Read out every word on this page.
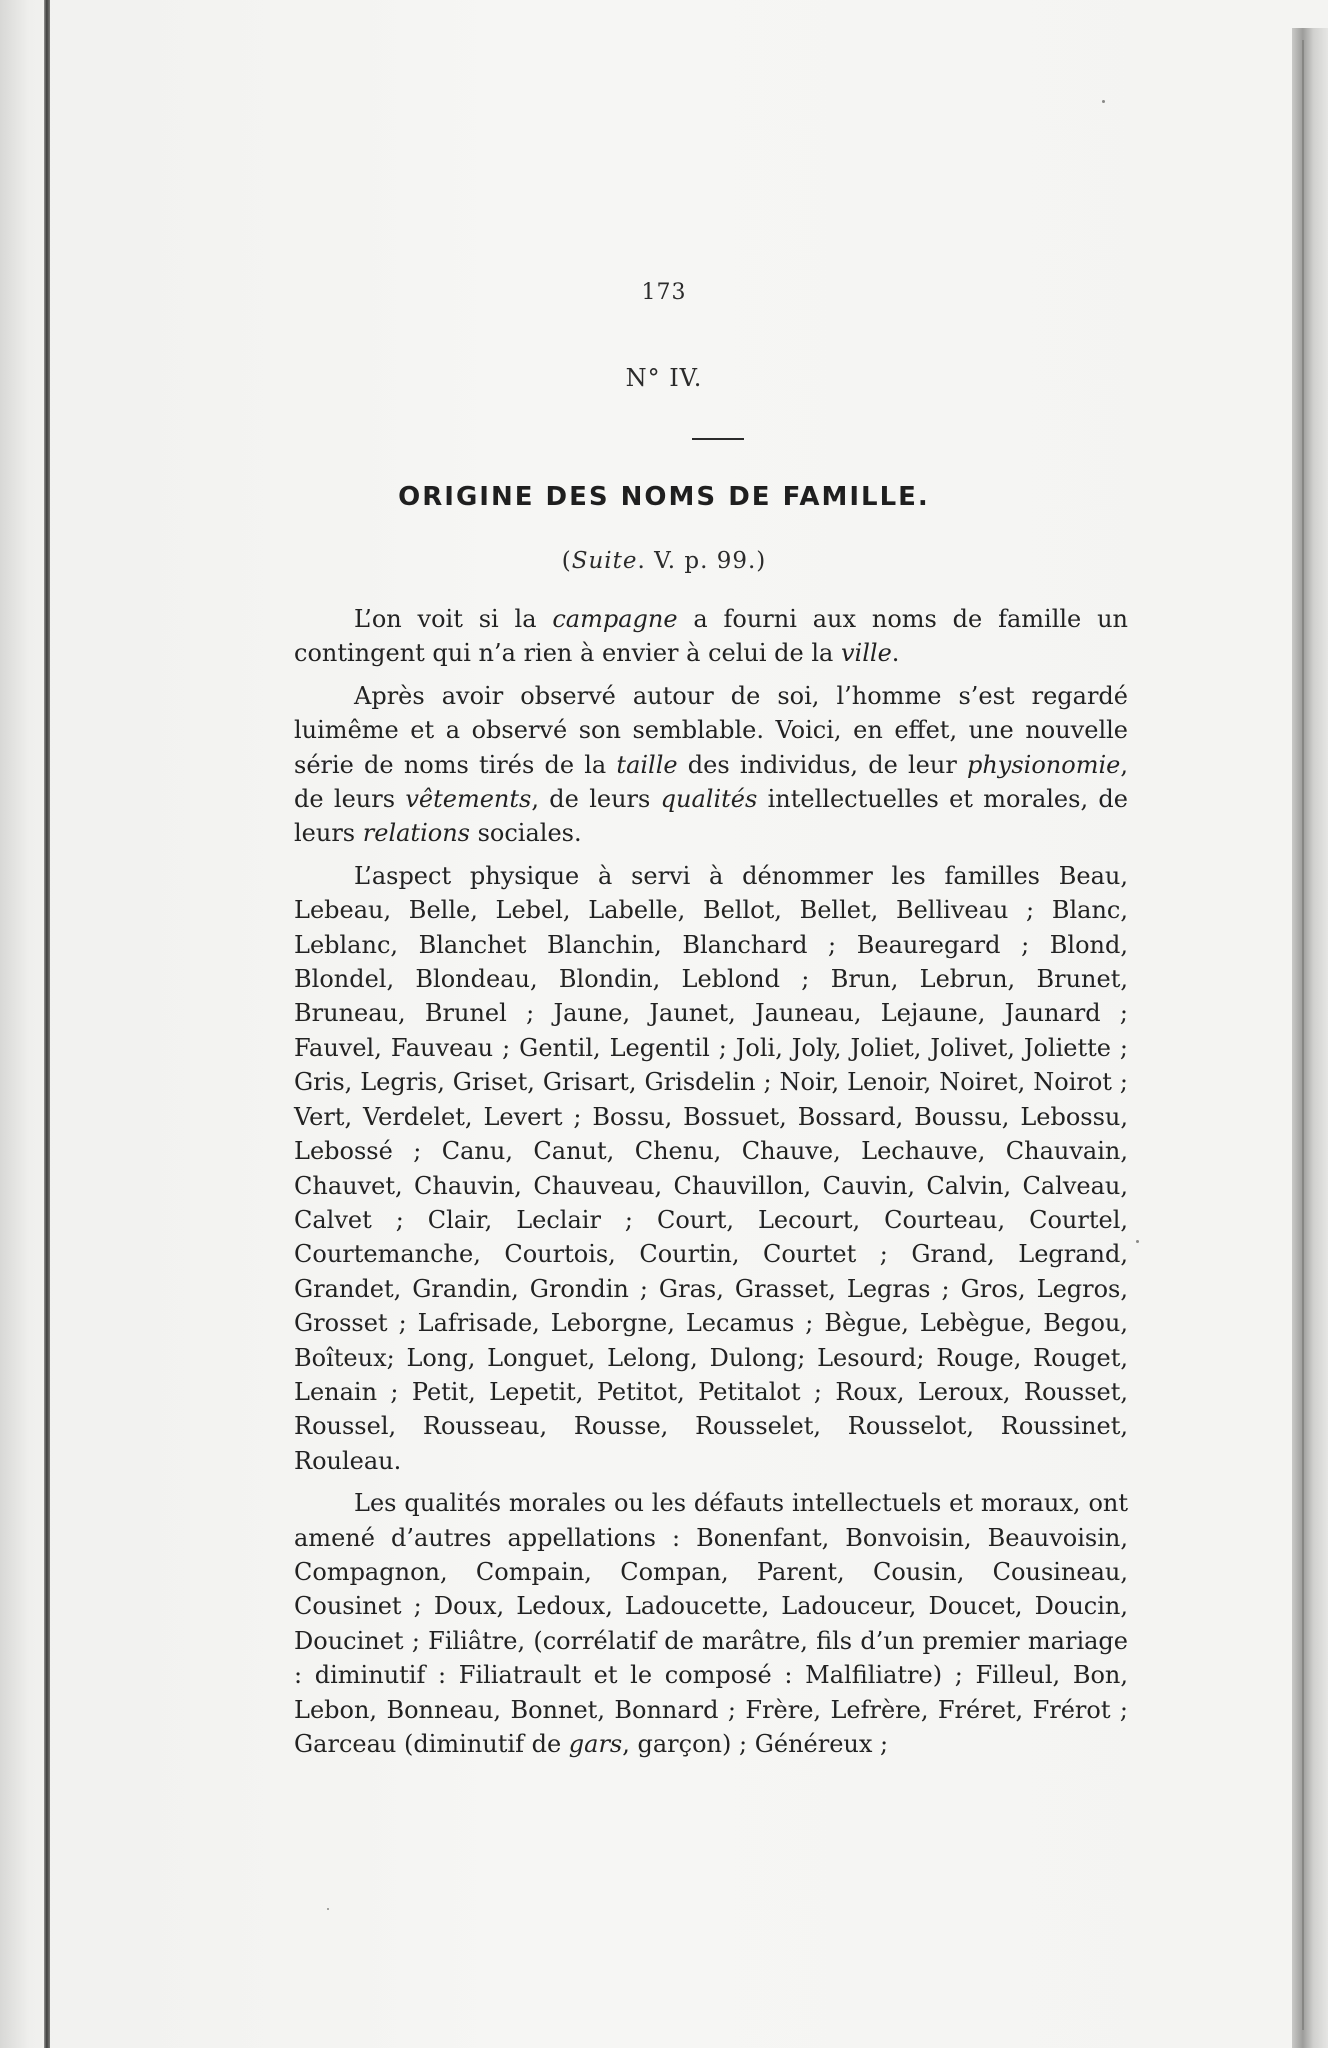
173
N° IV.
ORIGINE DES NOMS DE FAMILLE.
(Suite. V. p. 99.)

L’on voit si la campagne a fourni aux noms de famille un contingent qui n’a rien à envier à celui de la ville.

Après avoir observé autour de soi, l’homme s’est regardé luimême et a observé son semblable. Voici, en effet, une nouvelle série de noms tirés de la taille des individus, de leur physionomie, de leurs vêtements, de leurs qualités intellectuelles et morales, de leurs relations sociales.

L’aspect physique à servi à dénommer les familles Beau, Lebeau, Belle, Lebel, Labelle, Bellot, Bellet, Belliveau ; Blanc, Leblanc, Blanchet Blanchin, Blanchard ; Beauregard ; Blond, Blondel, Blondeau, Blondin, Leblond ; Brun, Lebrun, Brunet, Bruneau, Brunel ; Jaune, Jaunet, Jauneau, Lejaune, Jaunard ; Fauvel, Fauveau ; Gentil, Legentil ; Joli, Joly, Joliet, Jolivet, Joliette ; Gris, Legris, Griset, Grisart, Grisdelin ; Noir, Lenoir, Noiret, Noirot ; Vert, Verdelet, Levert ; Bossu, Bossuet, Bossard, Boussu, Lebossu, Lebossé ; Canu, Canut, Chenu, Chauve, Lechauve, Chauvain, Chauvet, Chauvin, Chauveau, Chauvillon, Cauvin, Calvin, Calveau, Calvet ; Clair, Leclair ; Court, Lecourt, Courteau, Courtel, Courtemanche, Courtois, Courtin, Courtet ; Grand, Legrand, Grandet, Grandin, Grondin ; Gras, Grasset, Legras ; Gros, Legros, Grosset ; Lafrisade, Leborgne, Lecamus ; Bègue, Lebègue, Begou, Boîteux; Long, Longuet, Lelong, Dulong; Lesourd; Rouge, Rouget, Lenain ; Petit, Lepetit, Petitot, Petitalot ; Roux, Leroux, Rousset, Roussel, Rousseau, Rousse, Rousselet, Rousselot, Roussinet, Rouleau.

Les qualités morales ou les défauts intellectuels et moraux, ont amené d’autres appellations : Bonenfant, Bonvoisin, Beauvoisin, Compagnon, Compain, Compan, Parent, Cousin, Cousineau, Cousinet ; Doux, Ledoux, Ladoucette, Ladouceur, Doucet, Doucin, Doucinet ; Filiâtre, (corrélatif de marâtre, fils d’un premier mariage : diminutif : Filiatrault et le composé : Malfiliatre) ; Filleul, Bon, Lebon, Bonneau, Bonnet, Bonnard ; Frère, Lefrère, Fréret, Frérot ; Garceau (diminutif de gars, garçon) ; Généreux ;
